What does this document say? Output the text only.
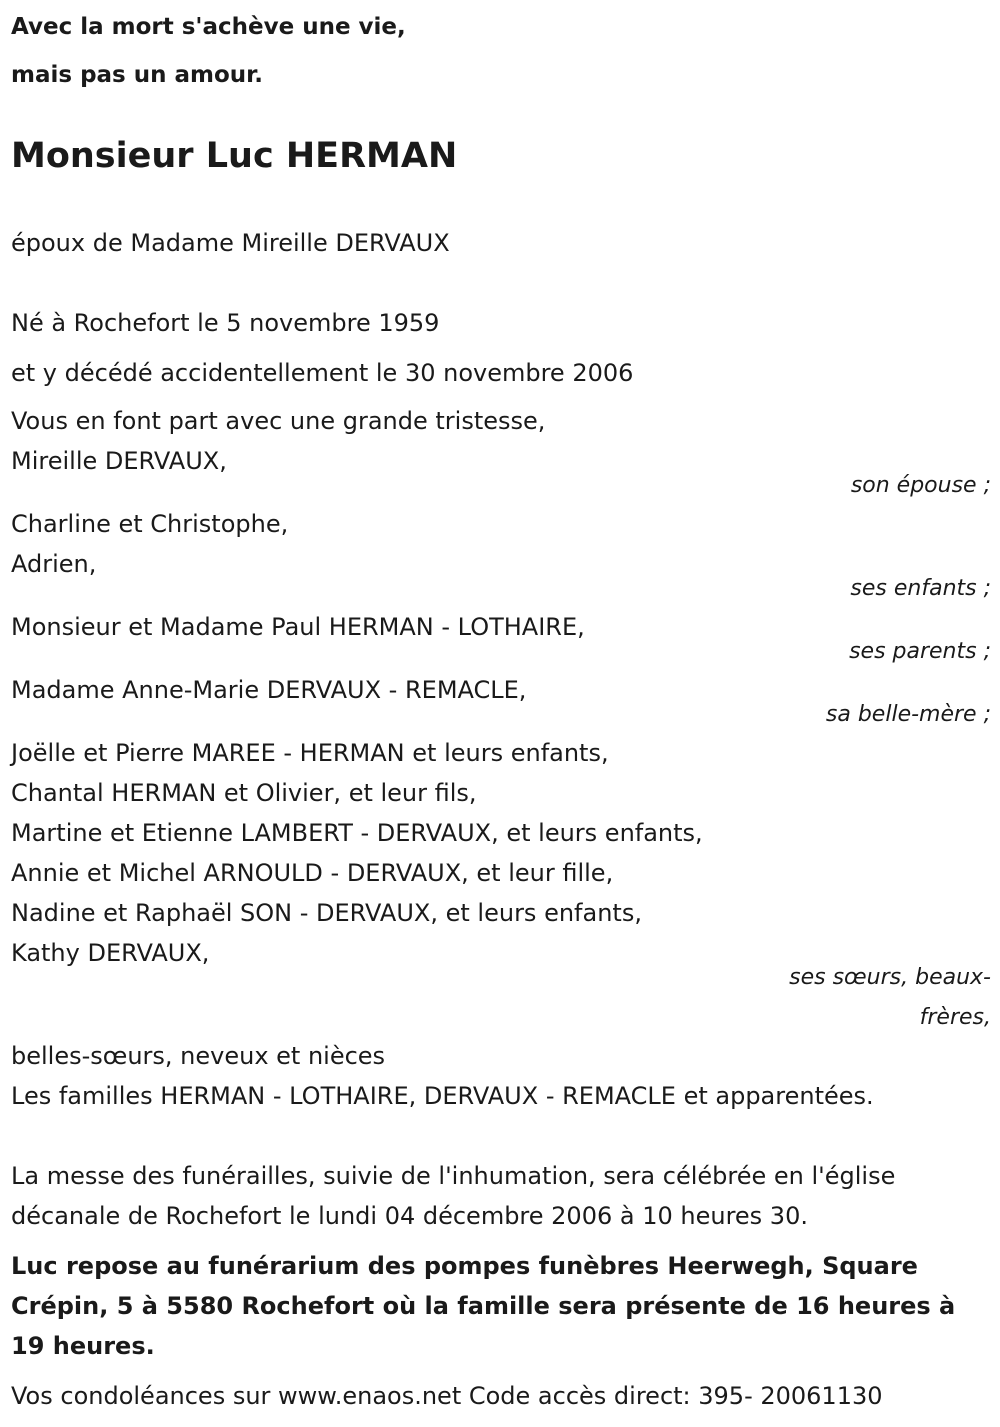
Avec la mort s'achève une vie,
mais pas un amour.
Monsieur Luc HERMAN
époux de Madame Mireille DERVAUX
Né à Rochefort le 5 novembre 1959
et y décédé accidentellement le 30 novembre 2006
Vous en font part avec une grande tristesse,
Mireille DERVAUX,
son épouse ;
Charline et Christophe,
Adrien,
ses enfants ;
Monsieur et Madame Paul HERMAN - LOTHAIRE,
ses parents ;
Madame Anne-Marie DERVAUX - REMACLE,
sa belle-mère ;
Joëlle et Pierre MAREE - HERMAN et leurs enfants,
Chantal HERMAN et Olivier, et leur fils,
Martine et Etienne LAMBERT - DERVAUX, et leurs enfants,
Annie et Michel ARNOULD - DERVAUX, et leur fille,
Nadine et Raphaël SON - DERVAUX, et leurs enfants,
Kathy DERVAUX,
ses sœurs, beaux-
frères,
belles-sœurs, neveux et nièces
Les familles HERMAN - LOTHAIRE, DERVAUX - REMACLE et apparentées.
La messe des funérailles, suivie de l'inhumation, sera célébrée en l'église
décanale de Rochefort le lundi 04 décembre 2006 à 10 heures 30.
Luc repose au funérarium des pompes funèbres Heerwegh, Square
Crépin, 5 à 5580 Rochefort où la famille sera présente de 16 heures à
19 heures.
Vos condoléances sur www.enaos.net Code accès direct: 395- 20061130
